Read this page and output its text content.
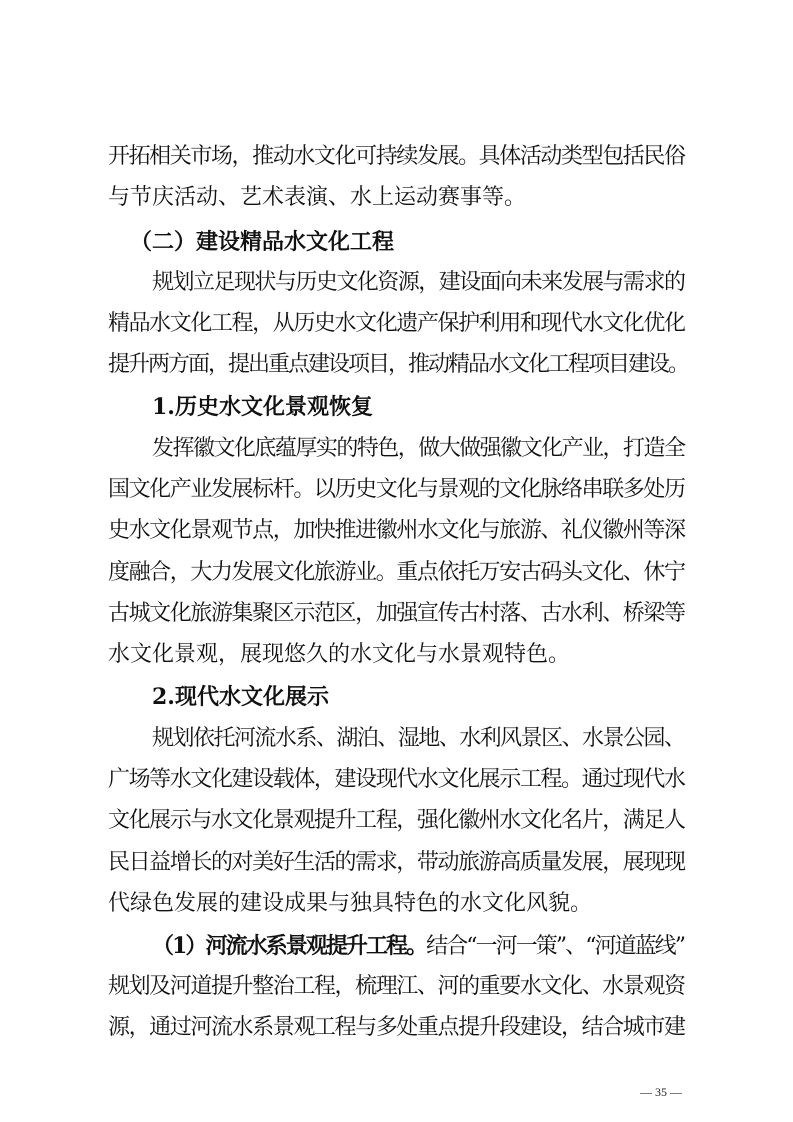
开拓相关市场，推动水文化可持续发展。具体活动类型包括民俗
与节庆活动、艺术表演、水上运动赛事等。
（二）建设精品水文化工程
规划立足现状与历史文化资源，建设面向未来发展与需求的
精品水文化工程，从历史水文化遗产保护利用和现代水文化优化
提升两方面，提出重点建设项目，推动精品水文化工程项目建设。
1.历史水文化景观恢复
发挥徽文化底蕴厚实的特色，做大做强徽文化产业，打造全
国文化产业发展标杆。以历史文化与景观的文化脉络串联多处历
史水文化景观节点，加快推进徽州水文化与旅游、礼仪徽州等深
度融合，大力发展文化旅游业。重点依托万安古码头文化、休宁
古城文化旅游集聚区示范区，加强宣传古村落、古水利、桥梁等
水文化景观，展现悠久的水文化与水景观特色。
2.现代水文化展示
规划依托河流水系、湖泊、湿地、水利风景区、水景公园、
广场等水文化建设载体，建设现代水文化展示工程。通过现代水
文化展示与水文化景观提升工程，强化徽州水文化名片，满足人
民日益增长的对美好生活的需求，带动旅游高质量发展，展现现
代绿色发展的建设成果与独具特色的水文化风貌。
（1）河流水系景观提升工程。结合“一河一策”、“河道蓝线”
规划及河道提升整治工程，梳理江、河的重要水文化、水景观资
源，通过河流水系景观工程与多处重点提升段建设，结合城市建
— 35 —
